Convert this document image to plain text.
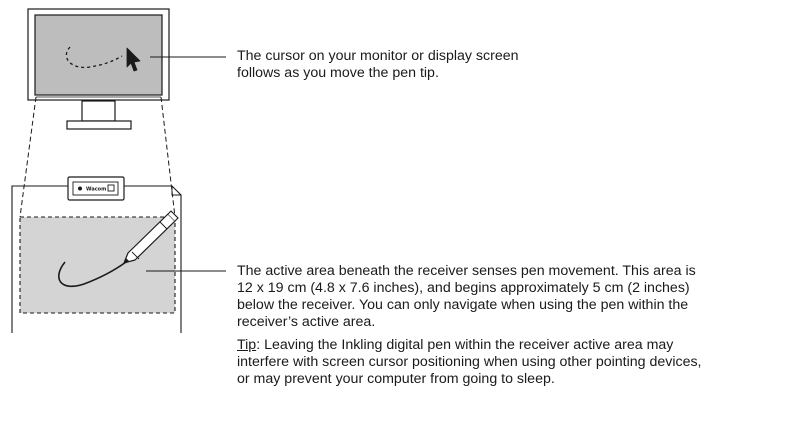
Wacom

The cursor on your monitor or display screen

follows as you move the pen tip.

The active area beneath the receiver senses pen movement. This area is

12 x 19 cm (4.8 x 7.6 inches), and begins approximately 5 cm (2 inches)

below the receiver. You can only navigate when using the pen within the

receiver’s active area.

Tip: Leaving the Inkling digital pen within the receiver active area may

interfere with screen cursor positioning when using other pointing devices,

or may prevent your computer from going to sleep.
